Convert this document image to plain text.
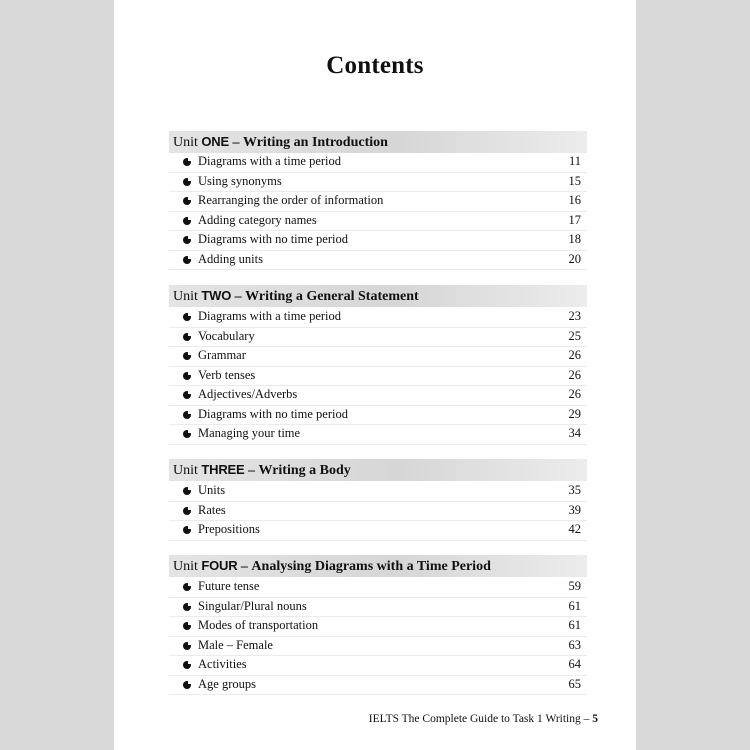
Contents
Unit ONE – Writing an Introduction
Diagrams with a time period	11
Using synonyms	15
Rearranging the order of information	16
Adding category names	17
Diagrams with no time period	18
Adding units	20
Unit TWO – Writing a General Statement
Diagrams with a time period	23
Vocabulary	25
Grammar	26
Verb tenses	26
Adjectives/Adverbs	26
Diagrams with no time period	29
Managing your time	34
Unit THREE – Writing a Body
Units	35
Rates	39
Prepositions	42
Unit FOUR – Analysing Diagrams with a Time Period
Future tense	59
Singular/Plural nouns	61
Modes of transportation	61
Male – Female	63
Activities	64
Age groups	65
IELTS The Complete Guide to Task 1 Writing – 5
